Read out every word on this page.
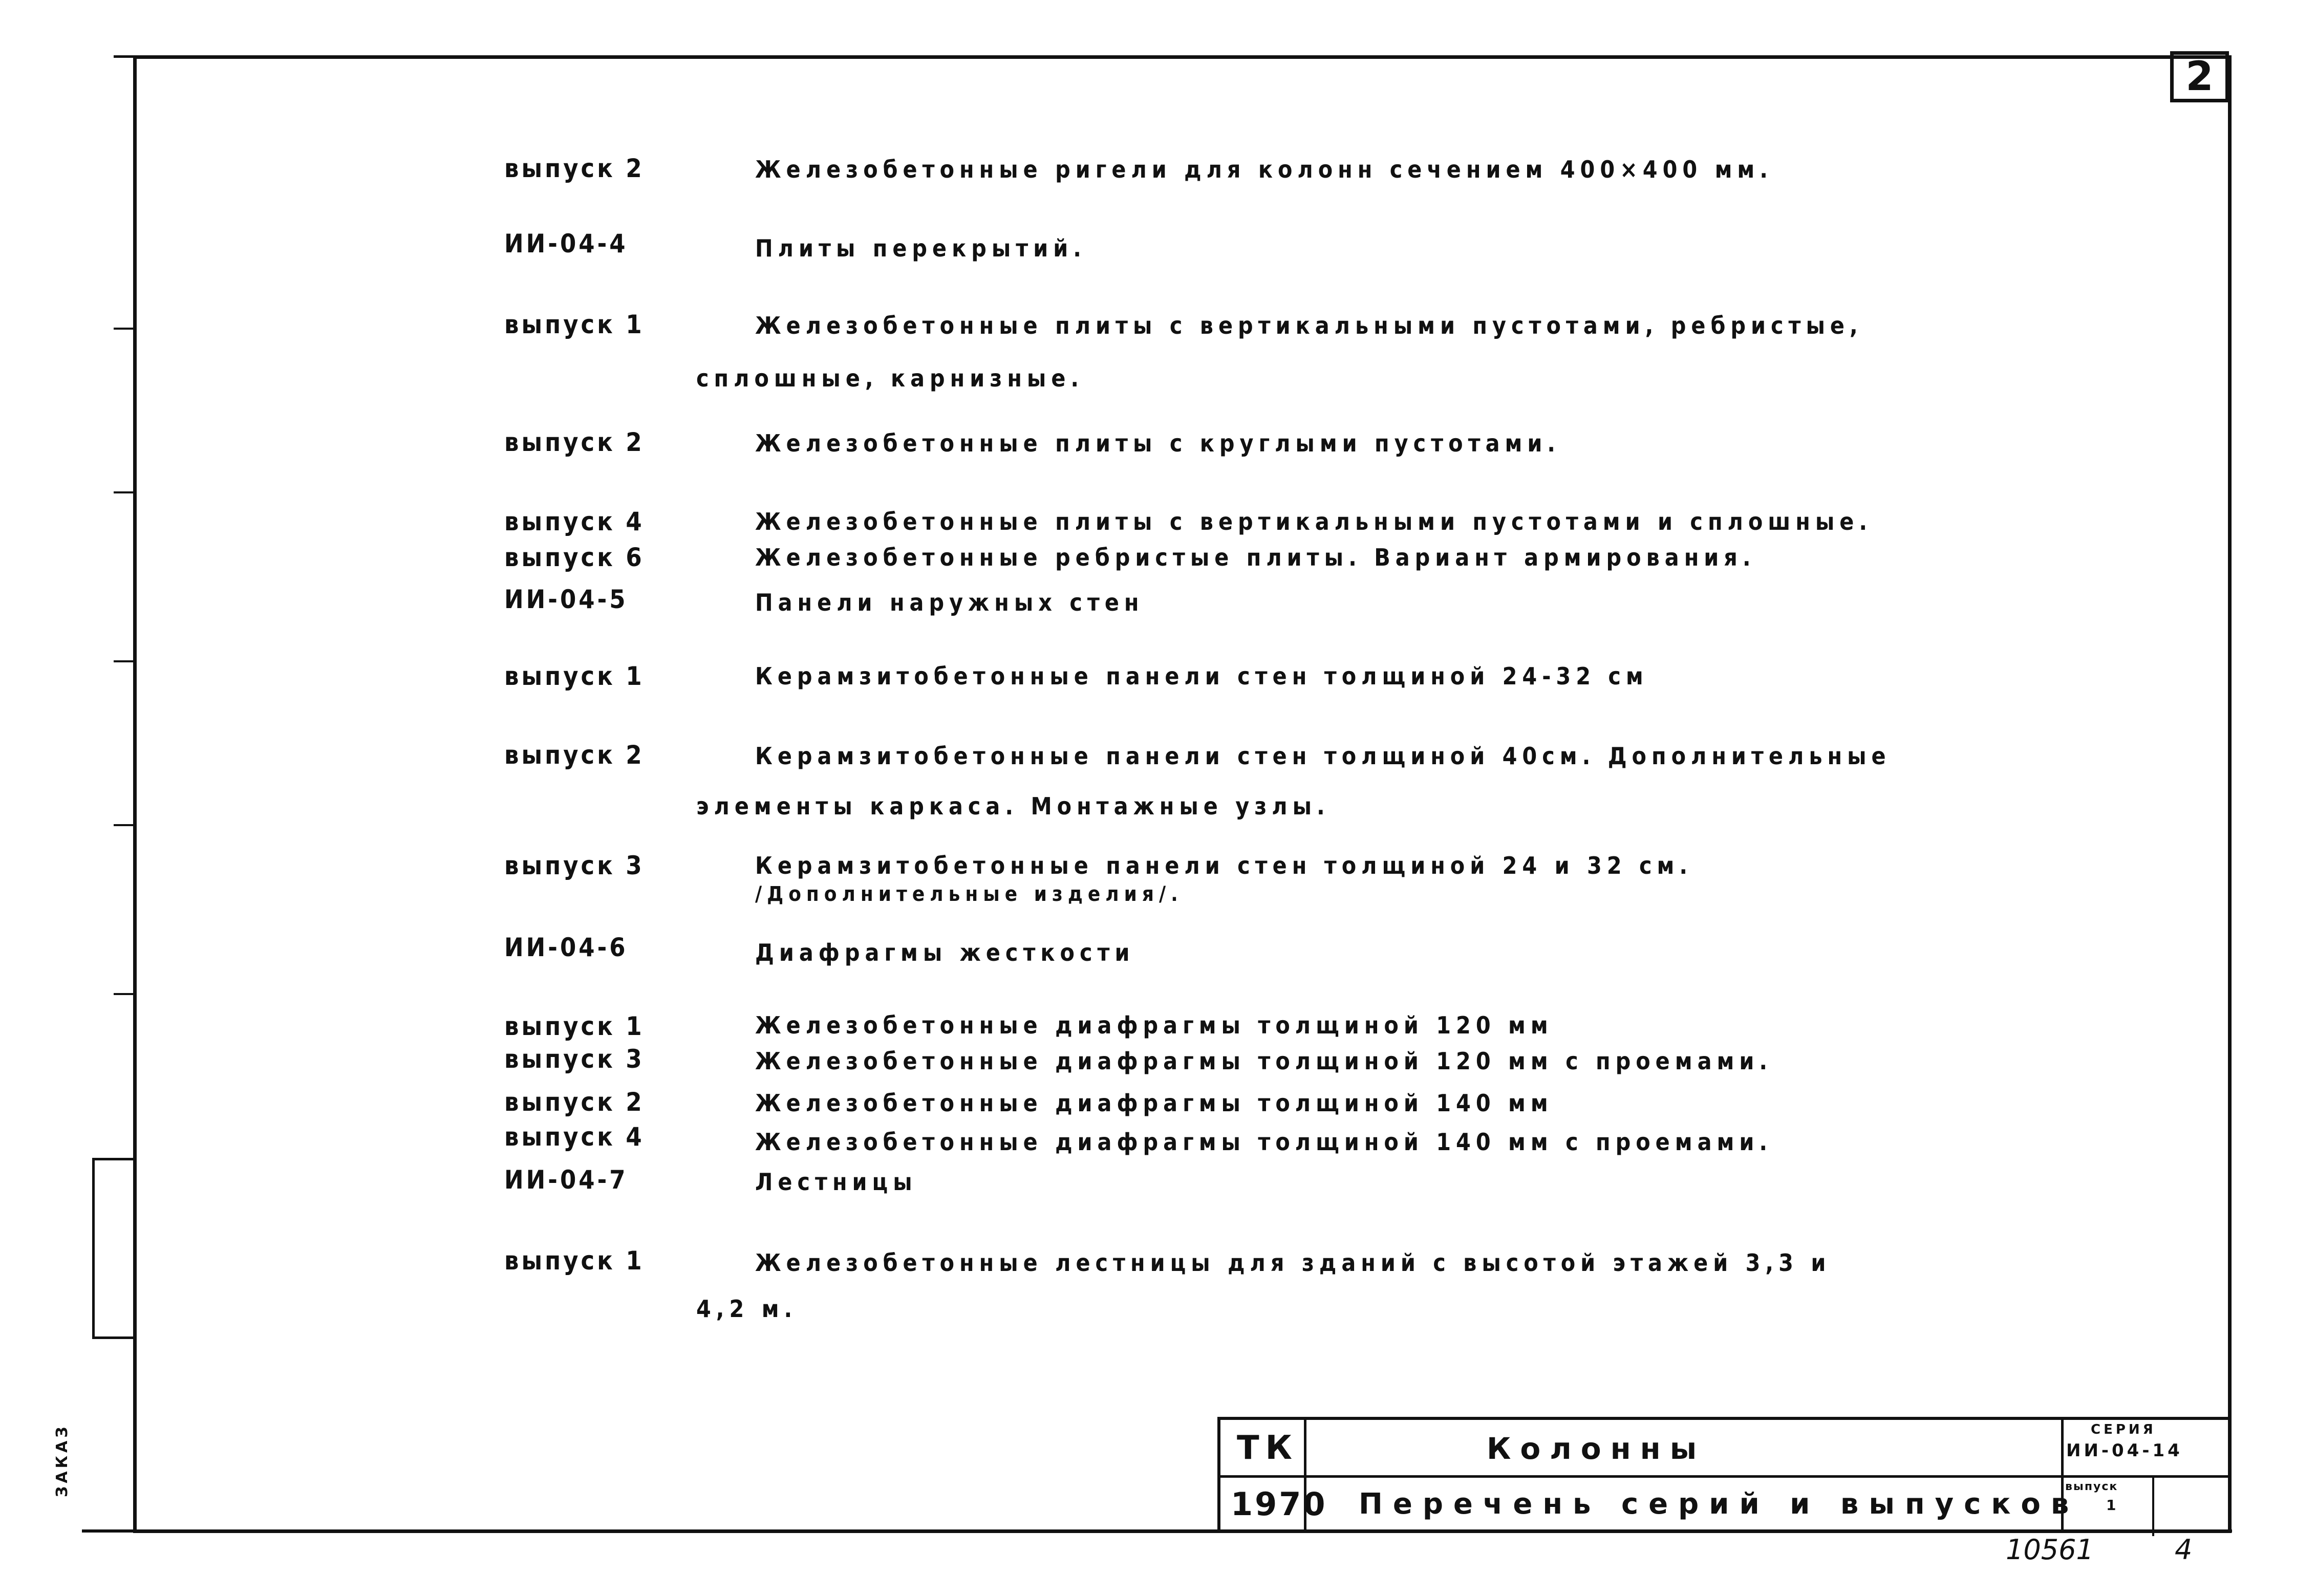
2
ЗАКАЗ
выпуск 2	Железобетонные ригели для колонн сечением 400×400 мм.
ИИ-04-4	Плиты перекрытий.
выпуск 1	Железобетонные плиты с вертикальными пустотами, ребристые,
сплошные, карнизные.
выпуск 2	Железобетонные плиты с круглыми пустотами.
выпуск 4	Железобетонные плиты с вертикальными пустотами и сплошные.
выпуск 6	Железобетонные ребристые плиты. Вариант армирования.
ИИ-04-5	Панели наружных стен
выпуск 1	Керамзитобетонные панели стен толщиной 24-32 см
выпуск 2	Керамзитобетонные панели стен толщиной 40см. Дополнительные
элементы каркаса. Монтажные узлы.
выпуск 3	Керамзитобетонные панели стен толщиной 24 и 32 см.
/Дополнительные изделия/.
ИИ-04-6	Диафрагмы жесткости
выпуск 1	Железобетонные диафрагмы толщиной 120 мм
выпуск 3	Железобетонные диафрагмы толщиной 120 мм с проемами.
выпуск 2	Железобетонные диафрагмы толщиной 140 мм
выпуск 4	Железобетонные диафрагмы толщиной 140 мм с проемами.
ИИ-04-7	Лестницы
выпуск 1	Железобетонные лестницы для зданий с высотой этажей 3,3 и
4,2 м.
ТК
1970
Колонны
Перечень серий и выпусков
СЕРИЯ
ИИ-04-14
выпуск
1
10561	4
